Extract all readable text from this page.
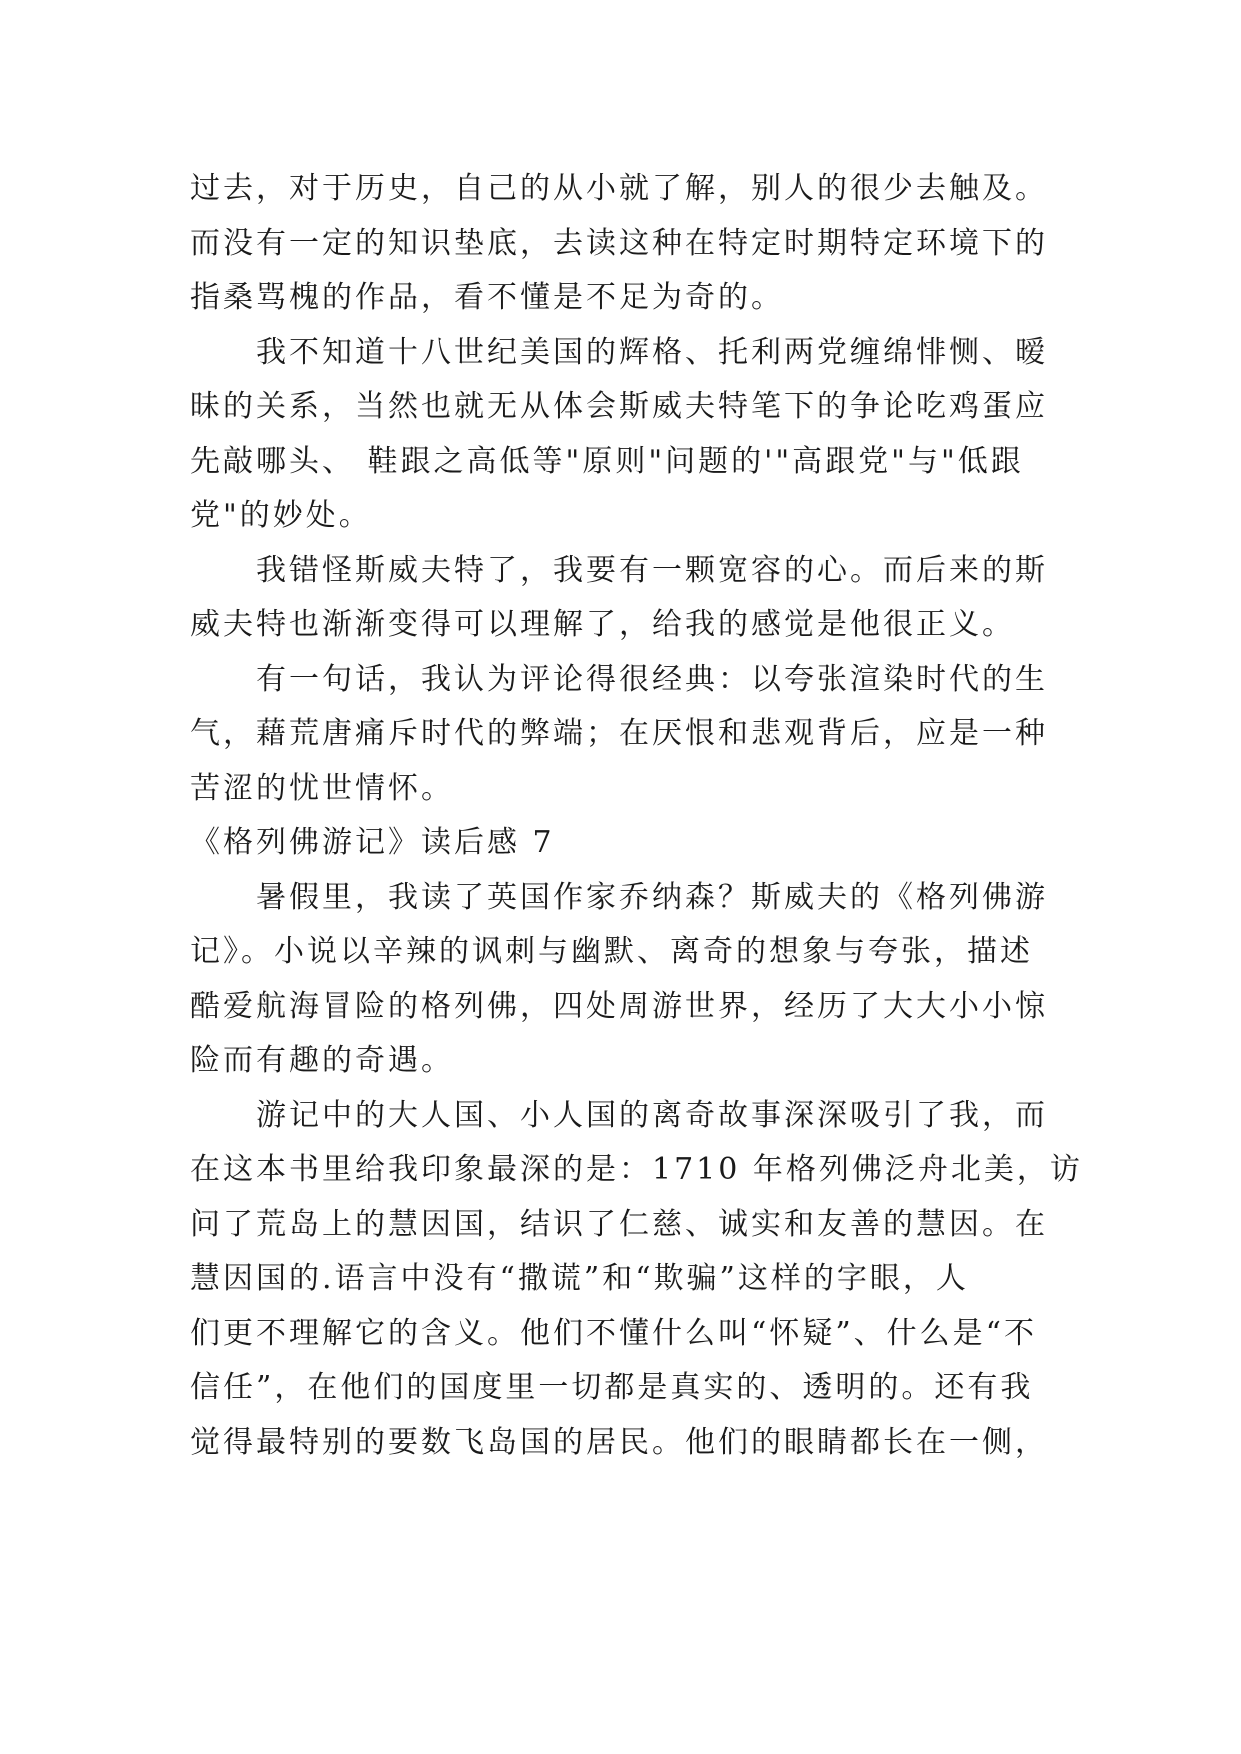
过去，对于历史，自己的从小就了解，别人的很少去触及。
而没有一定的知识垫底，去读这种在特定时期特定环境下的
指桑骂槐的作品，看不懂是不足为奇的。
我不知道十八世纪美国的辉格、托利两党缠绵悱恻、暧
昧的关系，当然也就无从体会斯威夫特笔下的争论吃鸡蛋应
先敲哪头、 鞋跟之高低等"原则"问题的'"高跟党"与"低跟
党"的妙处。
我错怪斯威夫特了，我要有一颗宽容的心。而后来的斯
威夫特也渐渐变得可以理解了，给我的感觉是他很正义。
有一句话，我认为评论得很经典：以夸张渲染时代的生
气，藉荒唐痛斥时代的弊端；在厌恨和悲观背后，应是一种
苦涩的忧世情怀。
《格列佛游记》读后感 7
暑假里，我读了英国作家乔纳森？斯威夫的《格列佛游
记》。小说以辛辣的讽刺与幽默、离奇的想象与夸张，描述
酷爱航海冒险的格列佛，四处周游世界，经历了大大小小惊
险而有趣的奇遇。
游记中的大人国、小人国的离奇故事深深吸引了我，而
在这本书里给我印象最深的是：1710 年格列佛泛舟北美，访
问了荒岛上的慧因国，结识了仁慈、诚实和友善的慧因。在
慧因国的.语言中没有“撒谎”和“欺骗”这样的字眼，人
们更不理解它的含义。他们不懂什么叫“怀疑”、什么是“不
信任”，在他们的国度里一切都是真实的、透明的。还有我
觉得最特别的要数飞岛国的居民。他们的眼睛都长在一侧，
